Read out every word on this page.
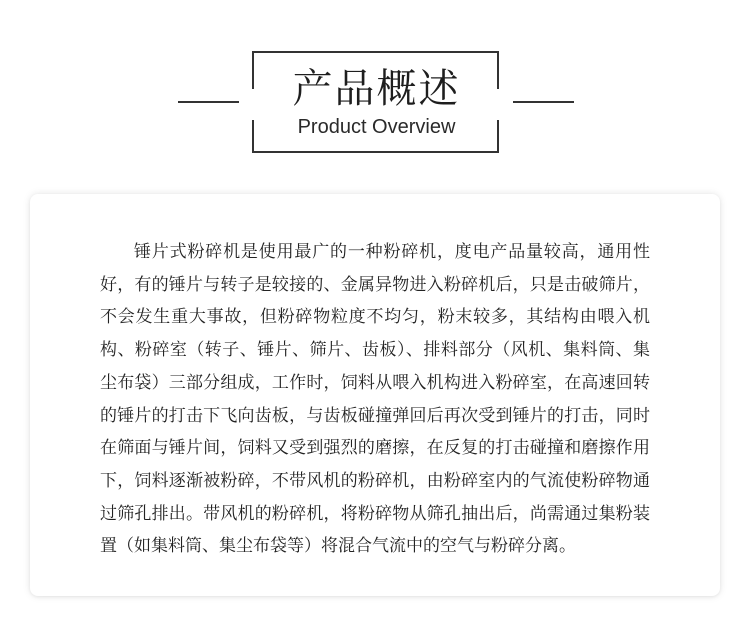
产品概述
Product Overview

锤片式粉碎机是使用最广的一种粉碎机，度电产品量较高，通用性好，有的锤片与转子是较接的、金属异物进入粉碎机后，只是击破筛片，不会发生重大事故，但粉碎物粒度不均匀，粉末较多，其结构由喂入机构、粉碎室（转子、锤片、筛片、齿板）、排料部分（风机、集料筒、集尘布袋）三部分组成，工作时，饲料从喂入机构进入粉碎室，在高速回转的锤片的打击下飞向齿板，与齿板碰撞弹回后再次受到锤片的打击，同时在筛面与锤片间，饲料又受到强烈的磨擦，在反复的打击碰撞和磨擦作用下，饲料逐渐被粉碎，不带风机的粉碎机，由粉碎室内的气流使粉碎物通过筛孔排出。带风机的粉碎机，将粉碎物从筛孔抽出后，尚需通过集粉装置（如集料筒、集尘布袋等）将混合气流中的空气与粉碎分离。
